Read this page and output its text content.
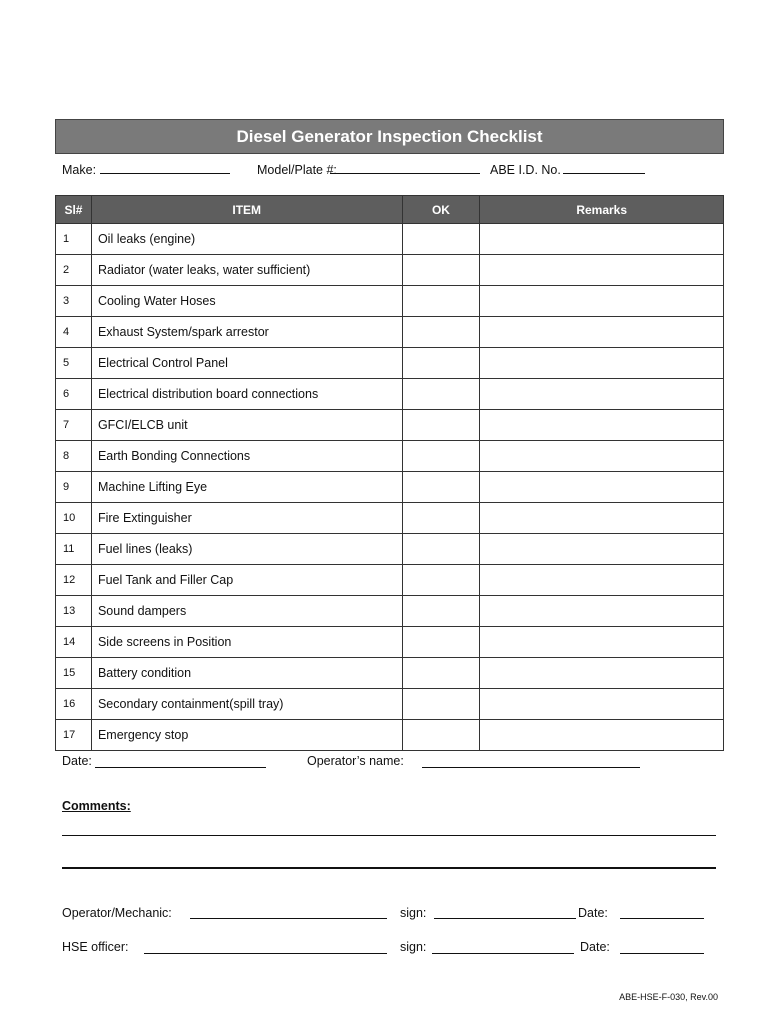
Diesel Generator Inspection Checklist
Make:	Model/Plate #:	ABE I.D. No.
Sl#	ITEM	OK	Remarks
1	Oil leaks (engine)		
2	Radiator (water leaks, water sufficient)		
3	Cooling Water Hoses		
4	Exhaust System/spark arrestor		
5	Electrical Control Panel		
6	Electrical distribution board connections		
7	GFCI/ELCB unit		
8	Earth Bonding Connections		
9	Machine Lifting Eye		
10	Fire Extinguisher		
11	Fuel lines (leaks)		
12	Fuel Tank and Filler Cap		
13	Sound dampers		
14	Side screens in Position		
15	Battery condition		
16	Secondary containment(spill tray)		
17	Emergency stop		
Date:	Operator’s name:
Comments:
Operator/Mechanic:	sign:	Date:
HSE officer:	sign:	Date:
ABE-HSE-F-030, Rev.00
